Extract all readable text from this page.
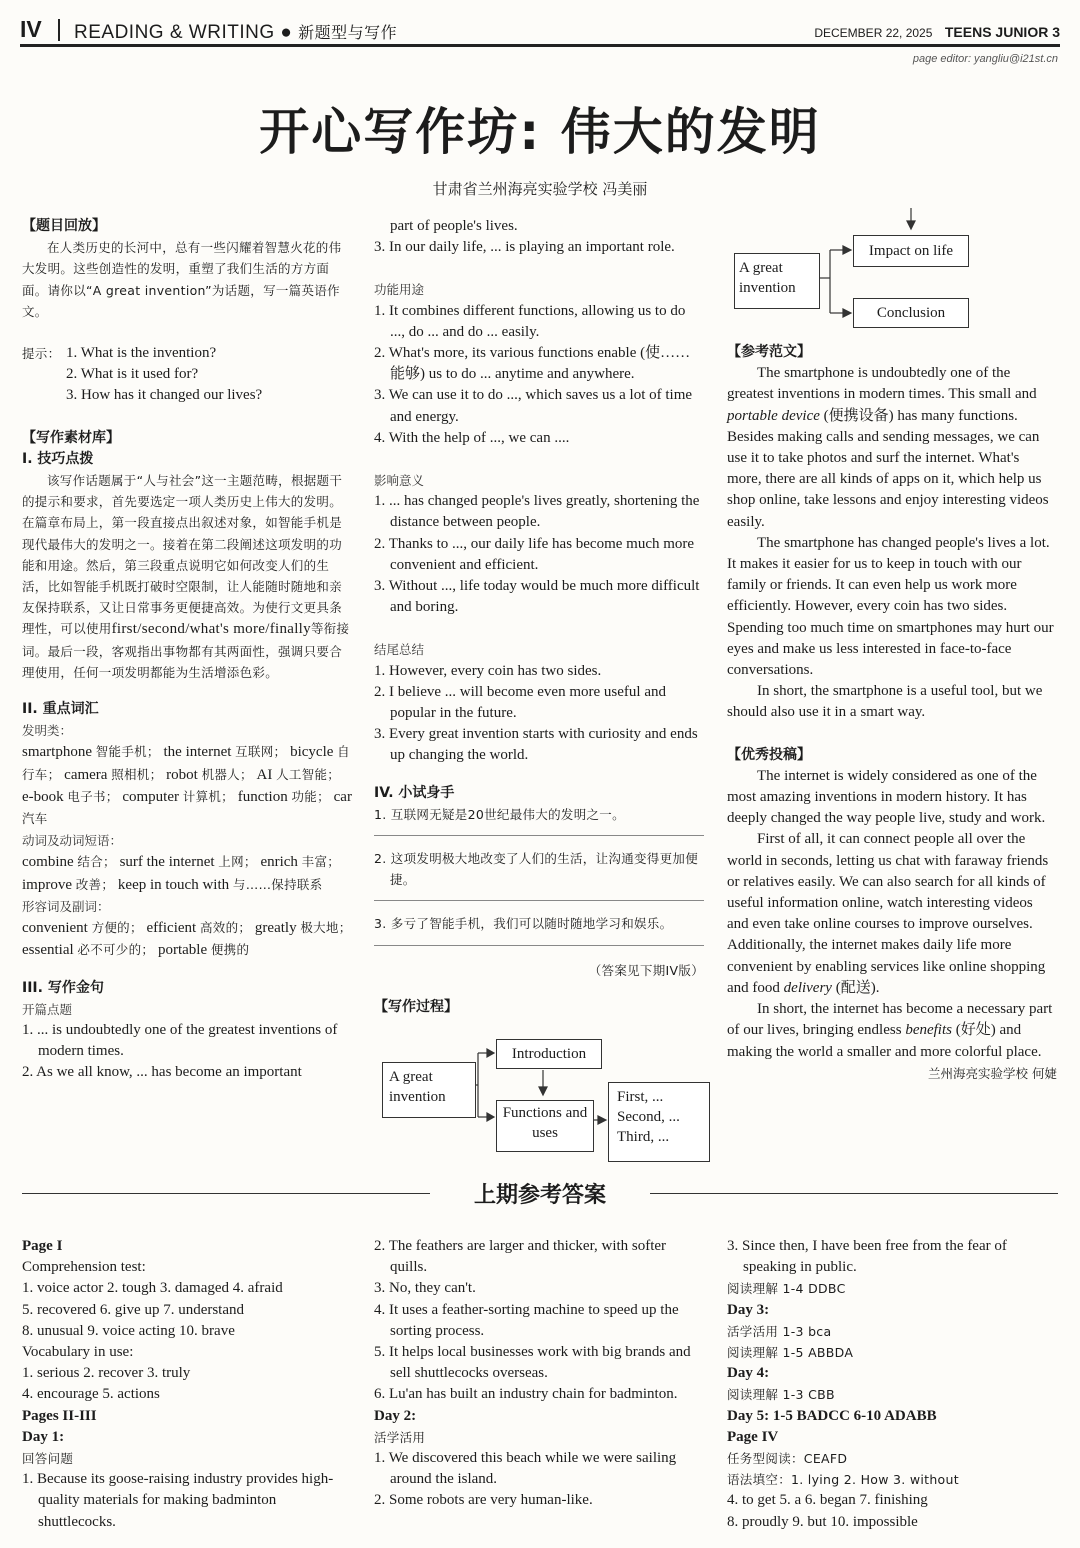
IV READING & WRITING ● 新题型与写作	DECEMBER 22, 2025 TEENS JUNIOR 3
page editor: yangliu@i21st.cn
开心写作坊: 伟大的发明
甘肃省兰州海亮实验学校 冯美丽

【题目回放】

在人类历史的长河中，总有一些闪耀着智慧火花的伟大发明。这些创造性的发明，重塑了我们生活的方方面面。请你以“A great invention”为话题，写一篇英语作文。

提示： 1. What is the invention?

2. What is it used for?

3. How has it changed our lives?

【写作素材库】

I. 技巧点拨

该写作话题属于“人与社会”这一主题范畴，根据题干的提示和要求，首先要选定一项人类历史上伟大的发明。在篇章布局上，第一段直接点出叙述对象，如智能手机是现代最伟大的发明之一。接着在第二段阐述这项发明的功能和用途。然后，第三段重点说明它如何改变人们的生活，比如智能手机既打破时空限制，让人能随时随地和亲友保持联系，又让日常事务更便捷高效。为使行文更具条理性，可以使用first/second/what's more/finally等衔接词。最后一段，客观指出事物都有其两面性，强调只要合理使用，任何一项发明都能为生活增添色彩。

II. 重点词汇

发明类：

smartphone 智能手机； the internet 互联网； bicycle 自行车； camera 照相机； robot 机器人； AI 人工智能； e-book 电子书； computer 计算机； function 功能； car 汽车

动词及动词短语：

combine 结合； surf the internet 上网； enrich 丰富； improve 改善； keep in touch with 与……保持联系

形容词及副词：

convenient 方便的； efficient 高效的； greatly 极大地； essential 必不可少的； portable 便携的

III. 写作金句

开篇点题

1. ... is undoubtedly one of the greatest inventions of modern times.

2. As we all know, ... has become an important

part of people's lives.

3. In our daily life, ... is playing an important role.

功能用途

1. It combines different functions, allowing us to do ..., do ... and do ... easily.

2. What's more, its various functions enable (使……能够) us to do ... anytime and anywhere.

3. We can use it to do ..., which saves us a lot of time and energy.

4. With the help of ..., we can ....

影响意义

1. ... has changed people's lives greatly, shortening the distance between people.

2. Thanks to ..., our daily life has become much more convenient and efficient.

3. Without ..., life today would be much more difficult and boring.

结尾总结

1. However, every coin has two sides.

2. I believe ... will become even more useful and popular in the future.

3. Every great invention starts with curiosity and ends up changing the world.

IV. 小试身手

1. 互联网无疑是20世纪最伟大的发明之一。

2. 这项发明极大地改变了人们的生活，让沟通变得更加便捷。

3. 多亏了智能手机，我们可以随时随地学习和娱乐。

（答案见下期IV版）

【写作过程】

A great invention
Introduction
Functions and uses
First, ... Second, ... Third, ...
A great invention
Impact on life
Conclusion

【参考范文】

The smartphone is undoubtedly one of the greatest inventions in modern times. This small and portable device (便携设备) has many functions. Besides making calls and sending messages, we can use it to take photos and surf the internet. What's more, there are all kinds of apps on it, which help us shop online, take lessons and enjoy interesting videos easily.

The smartphone has changed people's lives a lot. It makes it easier for us to keep in touch with our family or friends. It can even help us work more efficiently. However, every coin has two sides. Spending too much time on smartphones may hurt our eyes and make us less interested in face-to-face conversations.

In short, the smartphone is a useful tool, but we should also use it in a smart way.

【优秀投稿】

The internet is widely considered as one of the most amazing inventions in modern history. It has deeply changed the way people live, study and work.

First of all, it can connect people all over the world in seconds, letting us chat with faraway friends or relatives easily. We can also search for all kinds of useful information online, watch interesting videos and even take online courses to improve ourselves. Additionally, the internet makes daily life more convenient by enabling services like online shopping and food delivery (配送).

In short, the internet has become a necessary part of our lives, bringing endless benefits (好处) and making the world a smaller and more colorful place.

兰州海亮实验学校 何婕

上期参考答案

Page I

Comprehension test:

1. voice actor 2. tough 3. damaged 4. afraid

5. recovered 6. give up 7. understand

8. unusual 9. voice acting 10. brave

Vocabulary in use:

1. serious 2. recover 3. truly

4. encourage 5. actions

Pages II-III

Day 1:

回答问题

1. Because its goose-raising industry provides high-quality materials for making badminton shuttlecocks.

2. The feathers are larger and thicker, with softer quills.

3. No, they can't.

4. It uses a feather-sorting machine to speed up the sorting process.

5. It helps local businesses work with big brands and sell shuttlecocks overseas.

6. Lu'an has built an industry chain for badminton.

Day 2:

活学活用

1. We discovered this beach while we were sailing around the island.

2. Some robots are very human-like.

3. Since then, I have been free from the fear of speaking in public.

阅读理解 1-4 DDBC

Day 3:

活学活用 1-3 bca

阅读理解 1-5 ABBDA

Day 4:

阅读理解 1-3 CBB

Day 5: 1-5 BADCC 6-10 ADABB

Page IV

任务型阅读：CEAFD

语法填空：1. lying 2. How 3. without

4. to get 5. a 6. began 7. finishing

8. proudly 9. but 10. impossible
